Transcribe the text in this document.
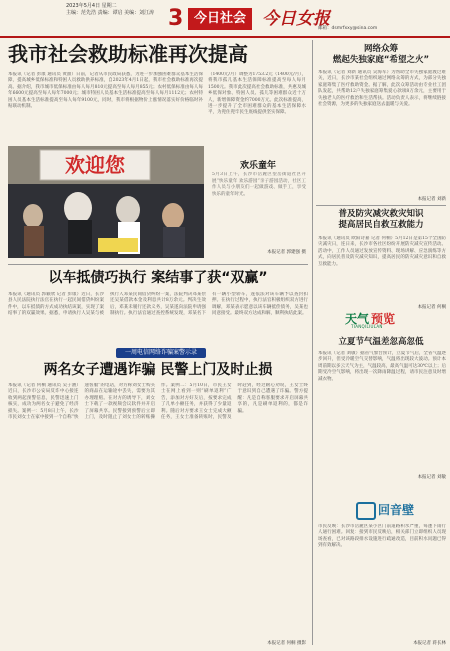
2023年5月4日 星期二
主编：范先浩 责编：谭启 美编：刘江涛 3 今日社会 今日女报
邮箱：dsmrfxxy@sina.com
我市社会救助标准再次提高
本报讯（记者 彭康 通讯员 黄甜）日前，记者从市民政局获悉，为进一步加强困难群众基本生活保障，提高城乡低保标准和特困人员救助供养标准，自2023年4月1日起，我市社会救助标准再次提高。据介绍，我市城市低保标准由每人每月810元提高至每人每月855元；农村低保标准由每人每年6600元提高至每人每年7000元；城市特困人员基本生活标准提高至每人每月1112元；农村特困人员基本生活标准提高至每人每年9100元，同时，我市将根据物价上涨情况落实好价格临时补贴联动机制。
（1400元/月）调整为1753.2元（1400元/月），将我市孤儿基本生活保障标准提高至每人每月1500元。我市此次提高社会救助标准，共惠及城乡低保对象、特困人员、孤儿等困难群众近十万人，新增保障资金约7000万元。此次标准提高，进一步提升了全市困难群众的基本生活保障水平，为兜住兜牢民生底线提供坚实保障。
欢迎您	欢乐童年
5月3日上午，长沙市岳麓区望岳街道社区开展“快乐童年 欢乐游园”亲子游园活动，社区工作人员与小朋友们一起做游戏、做手工，享受快乐的童年时光。
本报记者 郭建强 摄
以车抵债巧执行 案结事了获“双赢”
本报讯（通讯员 郭颖欣 记者 彭康）近日，长沙县人民法院执行法官在执行一起民间借贷纠纷案件中，以车抵债的方式成功执结该案，实现了案结事了的双赢效果。据悉，申请执行人吴某与被执行人邓某民间借贷纠纷一案，法院判决邓某偿还吴某借款本金及利息共计8万余元。判决生效后，邓某未履行还款义务，吴某遂向法院申请强制执行。执行法官通过查控系统发现，邓某名下有一辆小型轿车，遂依法对该车辆予以查封扣押。在执行过程中，执行法官积极组织双方进行调解，邓某表示愿意以该车辆抵偿债务，吴某也同意接受。最终双方达成和解，顺利执结此案。
一周电信网络诈骗案警示录
两名女子遭遇诈骗 民警上门及时止损
本报讯（记者 何桐 通讯员 吴子涵）近日，长沙市公安局反诈中心接连收到两起预警信息，民警迅速上门核实，成功为两名女子避免了经济损失。案例一：5月8日上午，长沙市民刘女士在家中接到一个自称“快递客服”的电话，对方称刘女士购买的商品在运输途中丢失，需要为其办理理赔。在对方的诱导下，刘女士下载了一款视频会议软件并开启了屏幕共享。民警接到预警后立即上门，及时阻止了刘女士的转账操作。案例二：5月10日，市民王女士在网上看到一则“刷单返利”广告，添加对方好友后，按要求完成了几单小额任务，并获得了少量返利。随后对方要求王女士完成大额任务，王女士准备转账时，民警及时赶到，经过耐心劝说，王女士终于意识到自己遭遇了诈骗。警方提醒：凡是自称客服要求开启屏幕共享的，凡是刷单返利的，都是诈骗。
本报记者 何桐 摄影
网络众筹
燃起失独家庭“希望之火”
本报讯（记者 刘新 通讯员 吴海军）为帮助全市失独家庭渡过难关，近日，长沙市某社会组织通过网络众筹的方式，为部分失独家庭筹集了医疗救助资金。据了解，此次众筹活动由专业社工团队发起，共帮助12户失独家庭筹集爱心款项8万余元，主要用于失独老人的医疗救治和生活帮扶。活动负责人表示，将继续链接社会资源，为更多的失独家庭送去温暖与关爱。
本报记者 刘新
普及防灾减灾救灾知识
提高居民自救互救能力
本报讯（通讯员 欧阳诗嘉 记者 何桐）5月12日是第15个全国防灾减灾日，连日来，长沙市各社区纷纷开展防灾减灾宣传活动。活动中，工作人员通过发放宣传资料、现场讲解、应急演练等方式，向居民普及防灾减灾知识，提高居民的防灾减灾意识和自救互救能力。
本报记者 何桐
天气 预览
TIANQILIULAN
立夏节气温差忽高忽低
本报讯（记者 刘敏）据省气象台预计，立夏节气后，全省气温逐步回升，但受冷暖空气交替影响，气温将出现较大波动。预计本周前期以多云天气为主，气温较高，最高气温可达30℃以上；后期受冷空气影响，将出现一次降雨降温过程，请市民注意及时增减衣物。
本报记者 刘敏
回音壁
市民反映：长沙市岳麓区某小区门前道路积水严重，每逢下雨行人通行困难。回复：接到市民反映后，相关部门立即组织人员现场查看，已对该路段排水设施进行疏通改造，目前积水问题已得到有效解决。
本报记者 蒋长林
